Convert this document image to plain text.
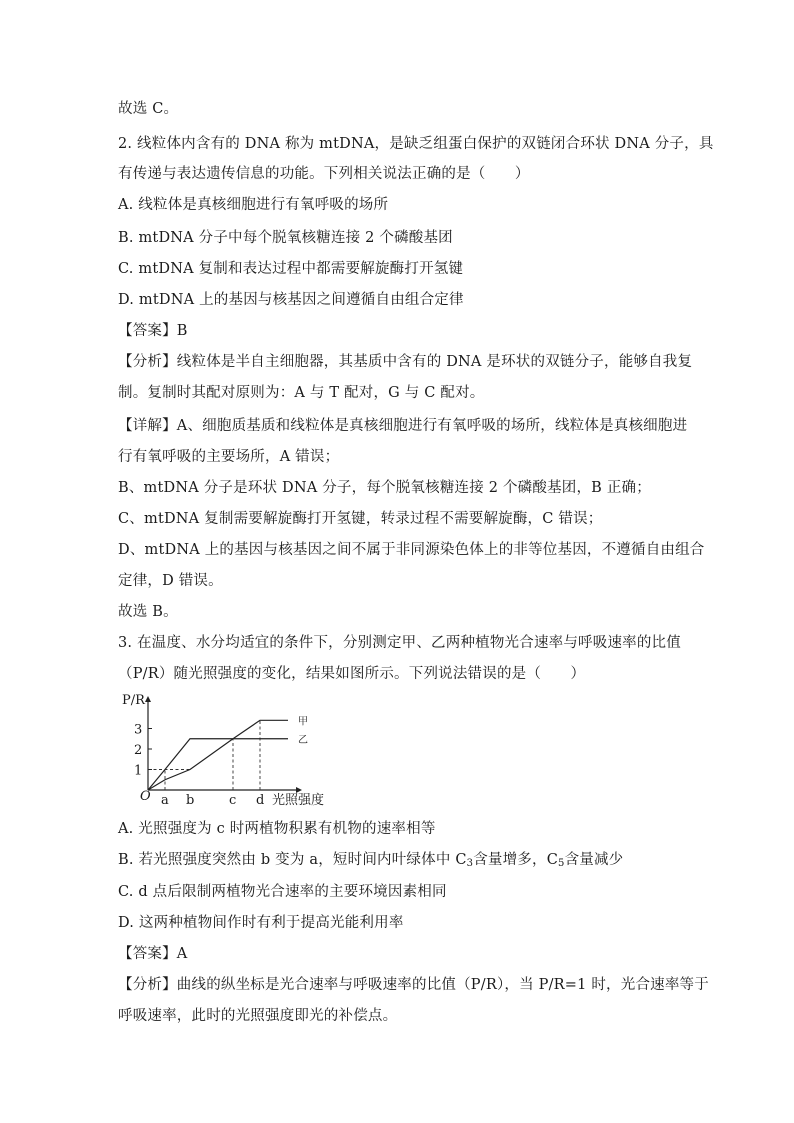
故选 C。
2. 线粒体内含有的 DNA 称为 mtDNA，是缺乏组蛋白保护的双链闭合环状 DNA 分子，具
有传递与表达遗传信息的功能。下列相关说法正确的是（　　）
A. 线粒体是真核细胞进行有氧呼吸的场所
B. mtDNA 分子中每个脱氧核糖连接 2 个磷酸基团
C. mtDNA 复制和表达过程中都需要解旋酶打开氢键
D. mtDNA 上的基因与核基因之间遵循自由组合定律
【答案】B
【分析】线粒体是半自主细胞器，其基质中含有的 DNA 是环状的双链分子，能够自我复
制。复制时其配对原则为：A 与 T 配对，G 与 C 配对。
【详解】A、细胞质基质和线粒体是真核细胞进行有氧呼吸的场所，线粒体是真核细胞进
行有氧呼吸的主要场所，A 错误；
B、mtDNA 分子是环状 DNA 分子，每个脱氧核糖连接 2 个磷酸基团，B 正确；
C、mtDNA 复制需要解旋酶打开氢键，转录过程不需要解旋酶，C 错误；
D、mtDNA 上的基因与核基因之间不属于非同源染色体上的非等位基因，不遵循自由组合
定律，D 错误。
故选 B。
3. 在温度、水分均适宜的条件下，分别测定甲、乙两种植物光合速率与呼吸速率的比值
（P/R）随光照强度的变化，结果如图所示。下列说法错误的是（　　）
甲
乙
1
2
3
a b	c d
P/R
O	光照强度
A. 光照强度为 c 时两植物积累有机物的速率相等
B. 若光照强度突然由 b 变为 a，短时间内叶绿体中 $C_3$含量增多，$C_5$含量减少
C. d 点后限制两植物光合速率的主要环境因素相同
D. 这两种植物间作时有利于提高光能利用率
【答案】A
【分析】曲线的纵坐标是光合速率与呼吸速率的比值（P/R），当 P/R=1 时，光合速率等于
呼吸速率，此时的光照强度即光的补偿点。
